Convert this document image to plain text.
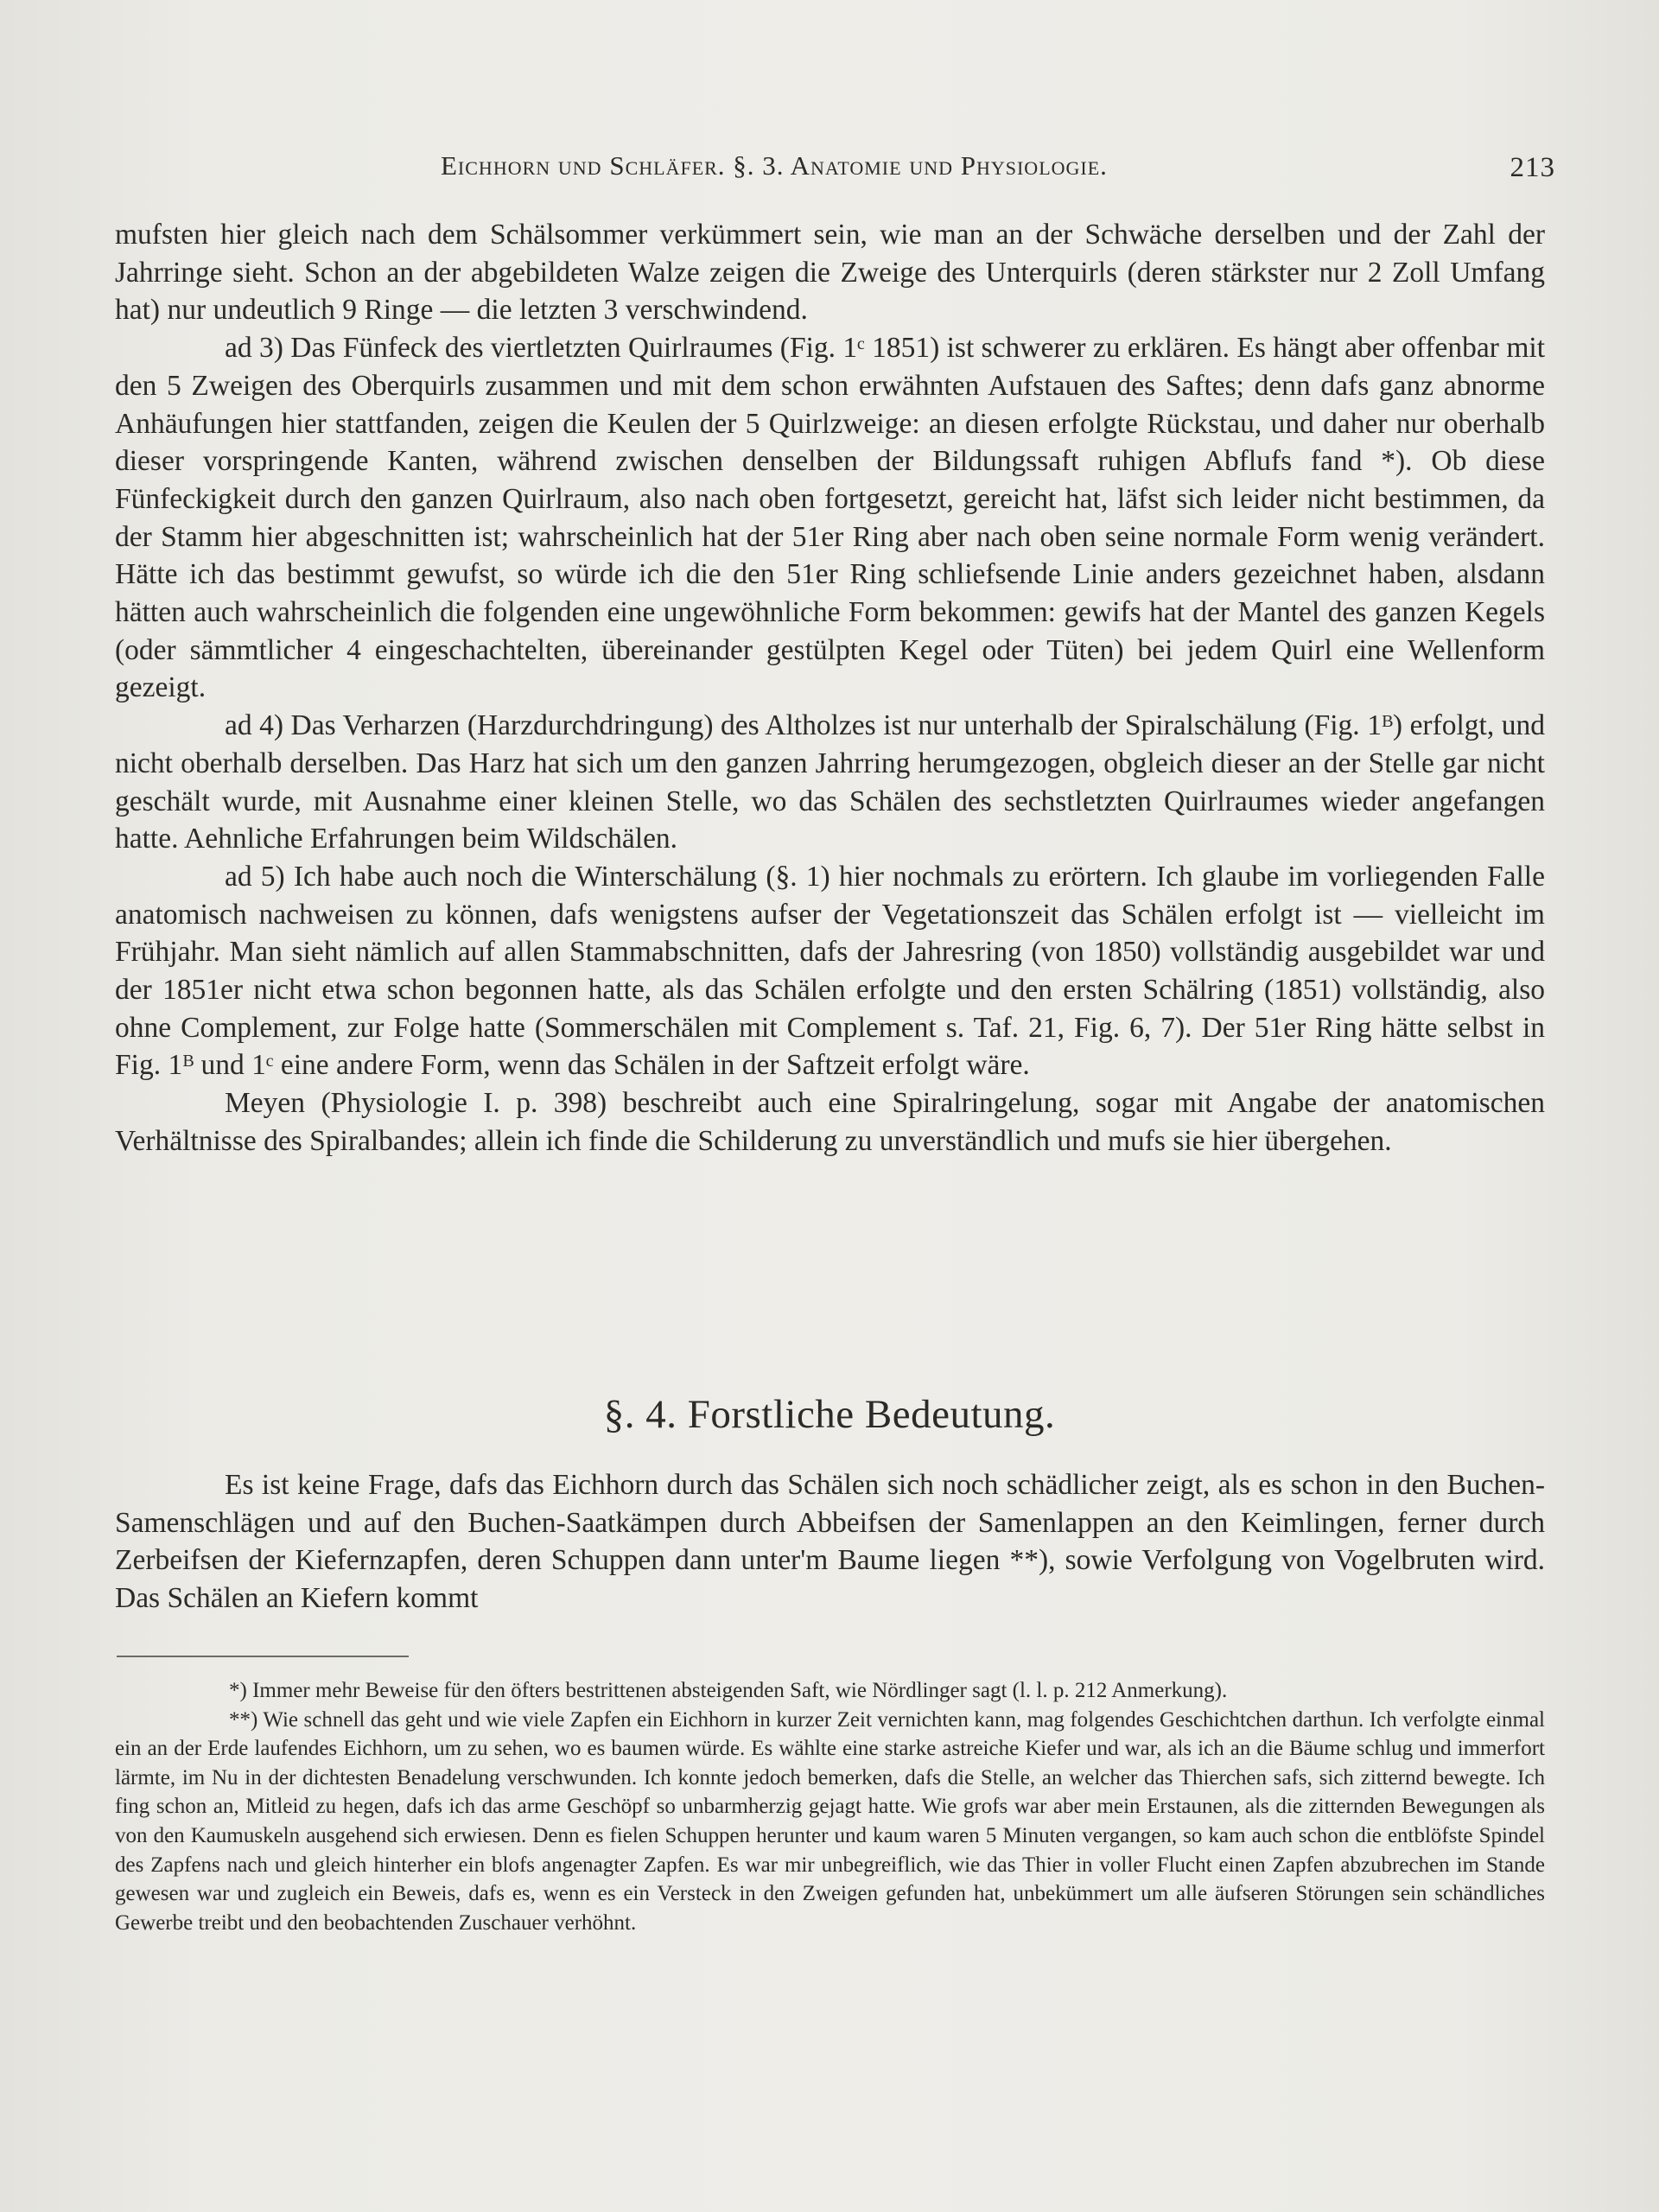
Eichhorn und Schläfer. §. 3. Anatomie und Physiologie.	213

mufsten hier gleich nach dem Schälsommer verkümmert sein, wie man an der Schwäche derselben und der Zahl der Jahrringe sieht. Schon an der abgebildeten Walze zeigen die Zweige des Unterquirls (deren stärkster nur 2 Zoll Umfang hat) nur undeutlich 9 Ringe — die letzten 3 verschwindend.

ad 3) Das Fünfeck des viertletzten Quirlraumes (Fig. 1ᶜ 1851) ist schwerer zu erklären. Es hängt aber offenbar mit den 5 Zweigen des Oberquirls zusammen und mit dem schon erwähnten Aufstauen des Saftes; denn dafs ganz abnorme Anhäufungen hier stattfanden, zeigen die Keulen der 5 Quirlzweige: an diesen erfolgte Rückstau, und daher nur oberhalb dieser vorspringende Kanten, während zwischen denselben der Bildungssaft ruhigen Abflufs fand *). Ob diese Fünfeckigkeit durch den ganzen Quirlraum, also nach oben fortgesetzt, gereicht hat, läfst sich leider nicht bestimmen, da der Stamm hier abgeschnitten ist; wahrscheinlich hat der 51er Ring aber nach oben seine normale Form wenig verändert. Hätte ich das bestimmt gewufst, so würde ich die den 51er Ring schliefsende Linie anders gezeichnet haben, alsdann hätten auch wahrscheinlich die folgenden eine ungewöhnliche Form bekommen: gewifs hat der Mantel des ganzen Kegels (oder sämmtlicher 4 eingeschachtelten, übereinander gestülpten Kegel oder Tüten) bei jedem Quirl eine Wellenform gezeigt.

ad 4) Das Verharzen (Harzdurchdringung) des Altholzes ist nur unterhalb der Spiralschälung (Fig. 1ᴮ) erfolgt, und nicht oberhalb derselben. Das Harz hat sich um den ganzen Jahrring herumgezogen, obgleich dieser an der Stelle gar nicht geschält wurde, mit Ausnahme einer kleinen Stelle, wo das Schälen des sechstletzten Quirlraumes wieder angefangen hatte. Aehnliche Erfahrungen beim Wildschälen.

ad 5) Ich habe auch noch die Winterschälung (§. 1) hier nochmals zu erörtern. Ich glaube im vorliegenden Falle anatomisch nachweisen zu können, dafs wenigstens aufser der Vegetationszeit das Schälen erfolgt ist — vielleicht im Frühjahr. Man sieht nämlich auf allen Stammabschnitten, dafs der Jahresring (von 1850) vollständig ausgebildet war und der 1851er nicht etwa schon begonnen hatte, als das Schälen erfolgte und den ersten Schälring (1851) vollständig, also ohne Complement, zur Folge hatte (Sommerschälen mit Complement s. Taf. 21, Fig. 6, 7). Der 51er Ring hätte selbst in Fig. 1ᴮ und 1ᶜ eine andere Form, wenn das Schälen in der Saftzeit erfolgt wäre.

Meyen (Physiologie I. p. 398) beschreibt auch eine Spiralringelung, sogar mit Angabe der anatomischen Verhältnisse des Spiralbandes; allein ich finde die Schilderung zu unverständlich und mufs sie hier übergehen.

§. 4. Forstliche Bedeutung.

Es ist keine Frage, dafs das Eichhorn durch das Schälen sich noch schädlicher zeigt, als es schon in den Buchen-Samenschlägen und auf den Buchen-Saatkämpen durch Abbeifsen der Samenlappen an den Keimlingen, ferner durch Zerbeifsen der Kiefernzapfen, deren Schuppen dann unter'm Baume liegen **), sowie Verfolgung von Vogelbruten wird. Das Schälen an Kiefern kommt

*) Immer mehr Beweise für den öfters bestrittenen absteigenden Saft, wie Nördlinger sagt (l. l. p. 212 Anmerkung).

**) Wie schnell das geht und wie viele Zapfen ein Eichhorn in kurzer Zeit vernichten kann, mag folgendes Geschichtchen darthun. Ich verfolgte einmal ein an der Erde laufendes Eichhorn, um zu sehen, wo es baumen würde. Es wählte eine starke astreiche Kiefer und war, als ich an die Bäume schlug und immerfort lärmte, im Nu in der dichtesten Benadelung verschwunden. Ich konnte jedoch bemerken, dafs die Stelle, an welcher das Thierchen safs, sich zitternd bewegte. Ich fing schon an, Mitleid zu hegen, dafs ich das arme Geschöpf so unbarmherzig gejagt hatte. Wie grofs war aber mein Erstaunen, als die zitternden Bewegungen als von den Kaumuskeln ausgehend sich erwiesen. Denn es fielen Schuppen herunter und kaum waren 5 Minuten vergangen, so kam auch schon die entblöfste Spindel des Zapfens nach und gleich hinterher ein blofs angenagter Zapfen. Es war mir unbegreiflich, wie das Thier in voller Flucht einen Zapfen abzubrechen im Stande gewesen war und zugleich ein Beweis, dafs es, wenn es ein Versteck in den Zweigen gefunden hat, unbekümmert um alle äufseren Störungen sein schändliches Gewerbe treibt und den beobachtenden Zuschauer verhöhnt.
